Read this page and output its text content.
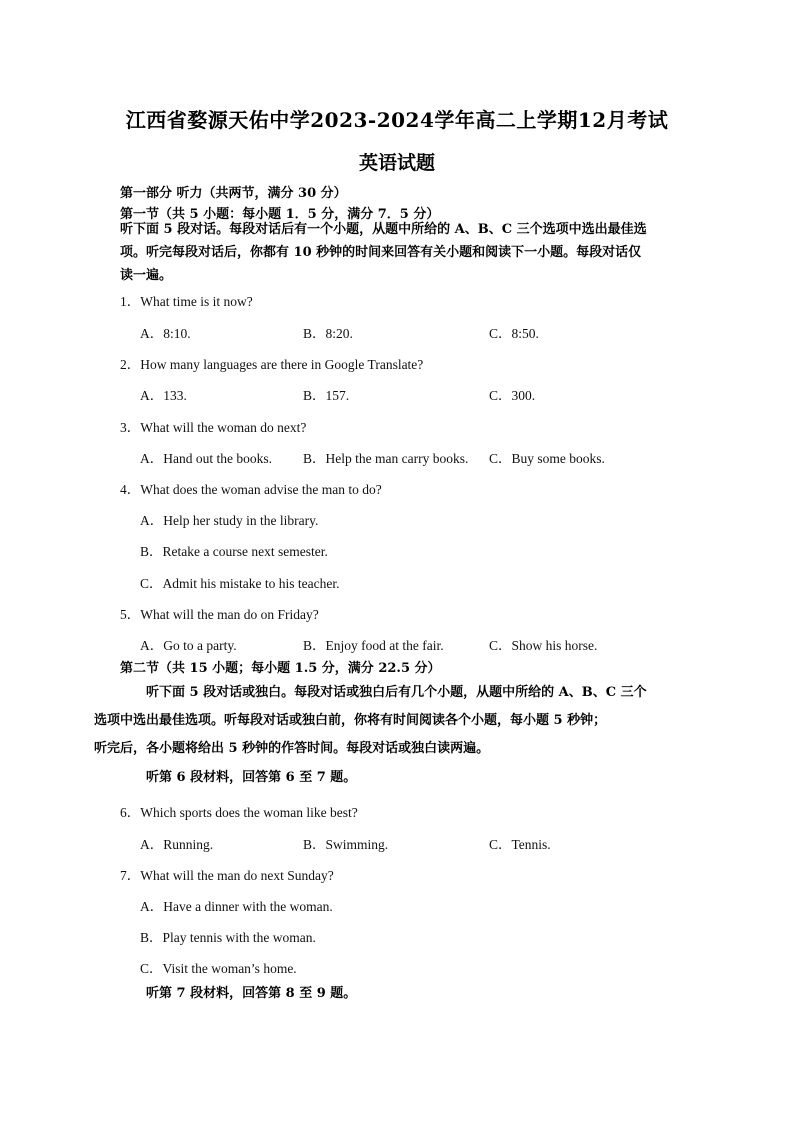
江西省婺源天佑中学2023-2024学年高二上学期12月考试
英语试题
第一部分 听力（共两节，满分 30 分）
第一节（共 5 小题：每小题 1．5 分，满分 7．5 分）
听下面 5 段对话。每段对话后有一个小题，从题中所给的 A、B、C 三个选项中选出最佳选
项。听完每段对话后，你都有 10 秒钟的时间来回答有关小题和阅读下一小题。每段对话仅
读一遍。
1．What time is it now?
A．8:10.	B．8:20.	C．8:50.
2．How many languages are there in Google Translate?
A．133.	B．157.	C．300.
3．What will the woman do next?
A．Hand out the books. B．Help the man carry books. C．Buy some books.
4．What does the woman advise the man to do?
A．Help her study in the library.
B．Retake a course next semester.
C．Admit his mistake to his teacher.
5．What will the man do on Friday?
A．Go to a party.	B．Enjoy food at the fair.	C．Show his horse.
第二节（共 15 小题；每小题 1.5 分，满分 22.5 分）
听下面 5 段对话或独白。每段对话或独白后有几个小题，从题中所给的 A、B、C 三个
选项中选出最佳选项。听每段对话或独白前，你将有时间阅读各个小题，每小题 5 秒钟；
听完后，各小题将给出 5 秒钟的作答时间。每段对话或独白读两遍。
听第 6 段材料，回答第 6 至 7 题。
6．Which sports does the woman like best?
A．Running.	B．Swimming.	C．Tennis.
7．What will the man do next Sunday?
A．Have a dinner with the woman.
B．Play tennis with the woman.
C．Visit the woman’s home.
听第 7 段材料，回答第 8 至 9 题。
